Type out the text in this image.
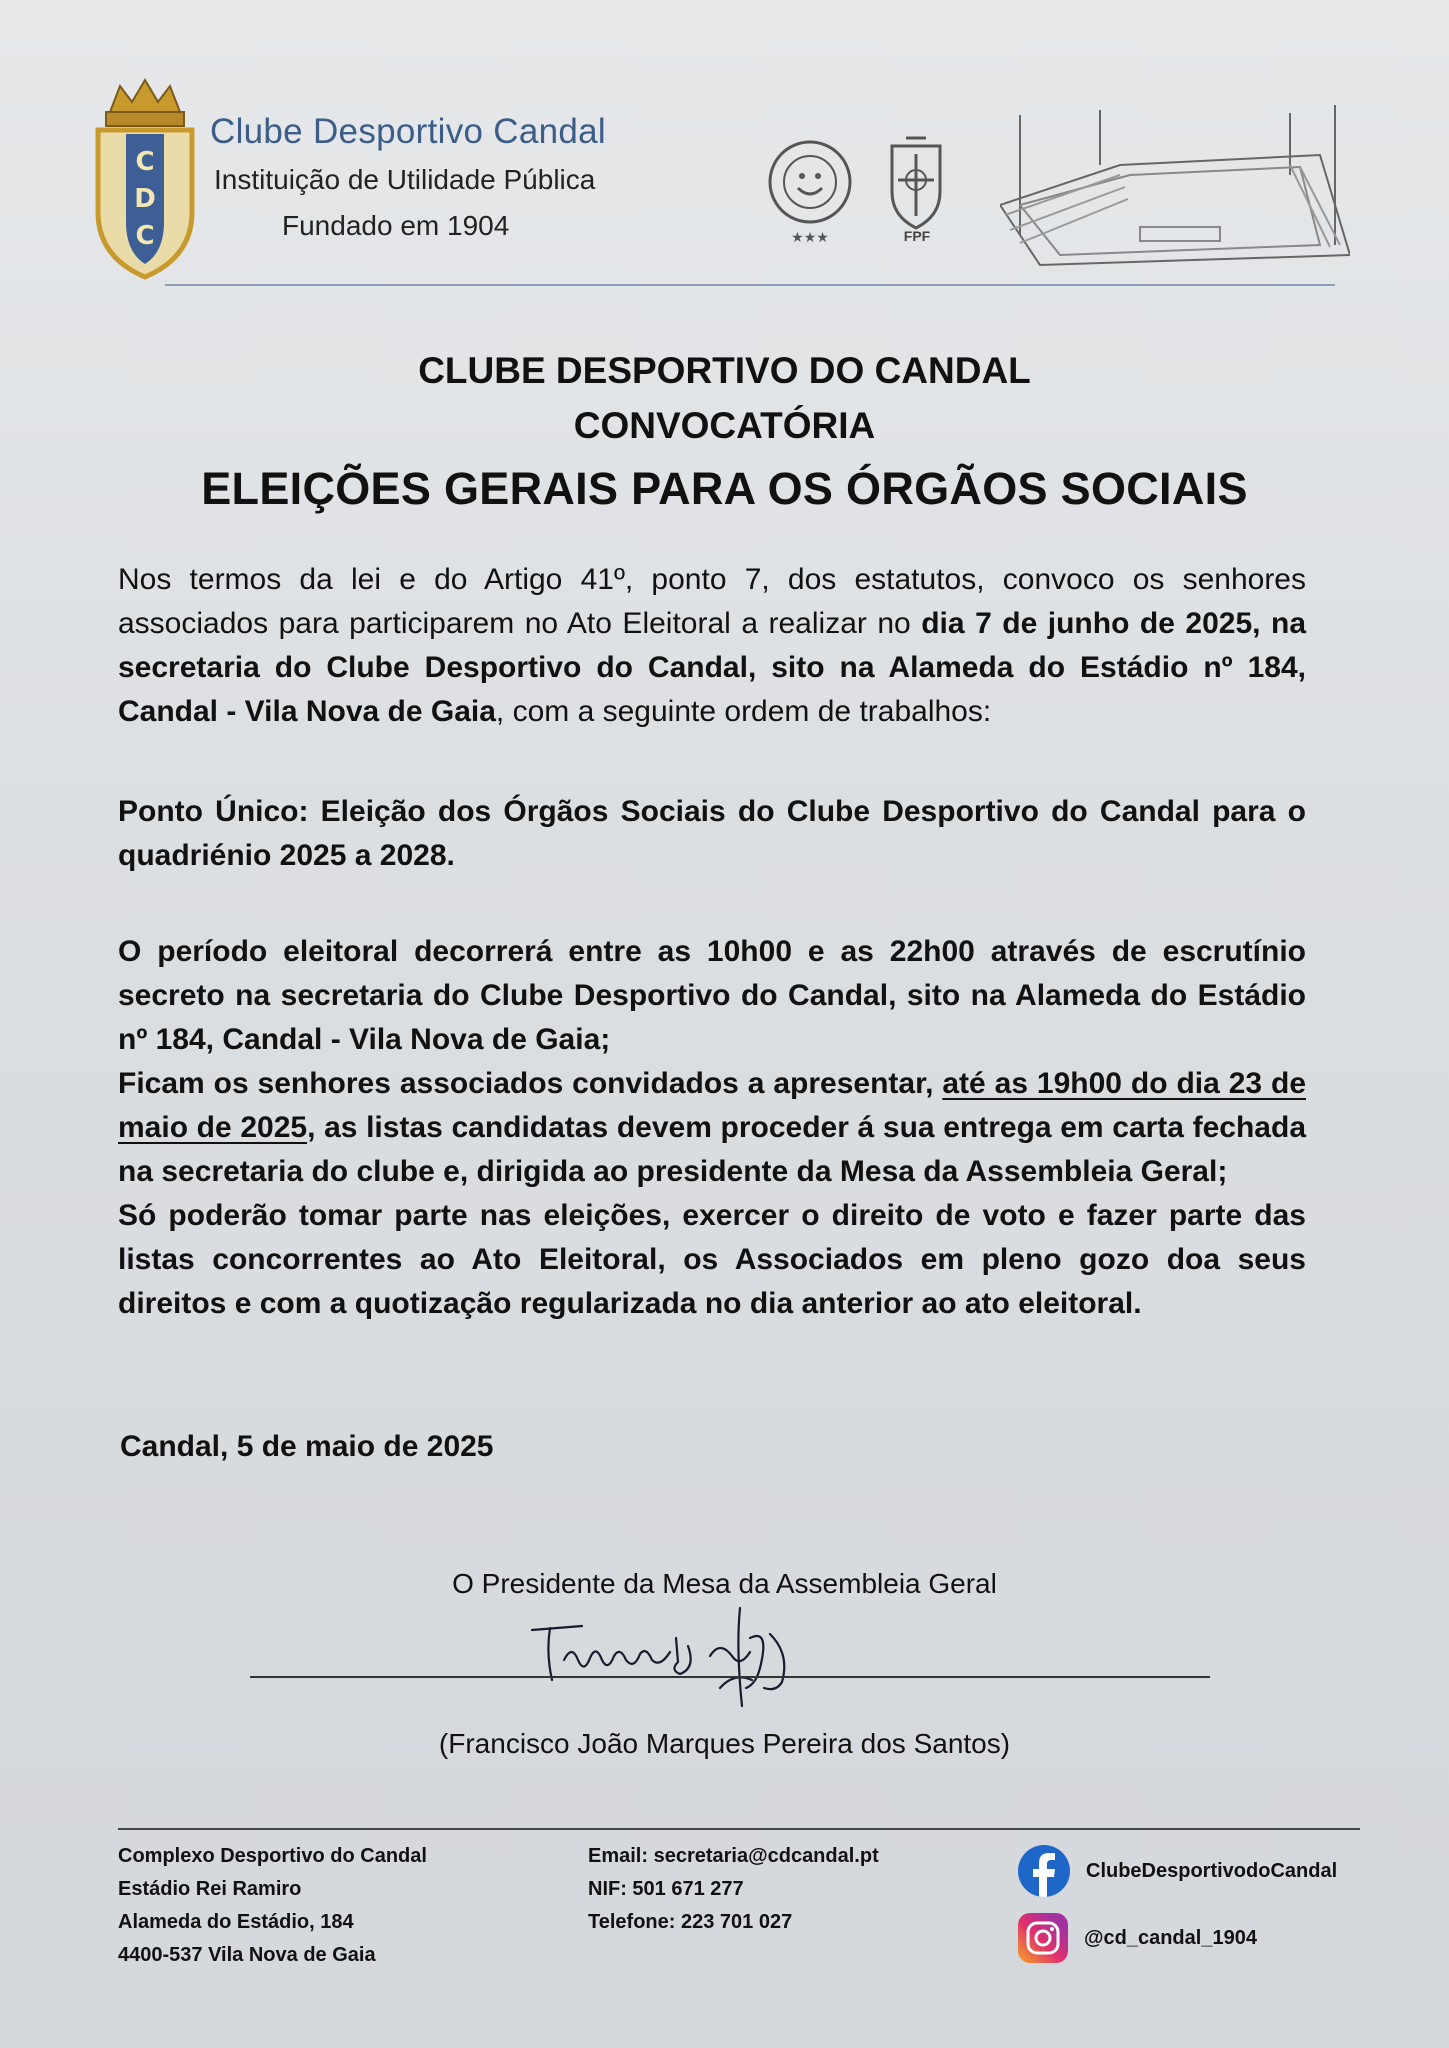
C
D
C
Clube Desportivo Candal
Instituição de Utilidade Pública
Fundado em 1904	★★★	FPF
CLUBE DESPORTIVO DO CANDAL
CONVOCATÓRIA
ELEIÇÕES GERAIS PARA OS ÓRGÃOS SOCIAIS
Nos termos da lei e do Artigo 41º, ponto 7, dos estatutos, convoco os senhores associados para participarem no Ato Eleitoral a realizar no dia 7 de junho de 2025, na secretaria do Clube Desportivo do Candal, sito na Alameda do Estádio nº 184, Candal - Vila Nova de Gaia, com a seguinte ordem de trabalhos:
Ponto Único: Eleição dos Órgãos Sociais do Clube Desportivo do Candal para o quadriénio 2025 a 2028.
O período eleitoral decorrerá entre as 10h00 e as 22h00 através de escrutínio secreto na secretaria do Clube Desportivo do Candal, sito na Alameda do Estádio nº 184, Candal - Vila Nova de Gaia;
Ficam os senhores associados convidados a apresentar, até as 19h00 do dia 23 de maio de 2025, as listas candidatas devem proceder á sua entrega em carta fechada na secretaria do clube e, dirigida ao presidente da Mesa da Assembleia Geral;
Só poderão tomar parte nas eleições, exercer o direito de voto e fazer parte das listas concorrentes ao Ato Eleitoral, os Associados em pleno gozo doa seus direitos e com a quotização regularizada no dia anterior ao ato eleitoral.
Candal, 5 de maio de 2025
O Presidente da Mesa da Assembleia Geral
(Francisco João Marques Pereira dos Santos)
Complexo Desportivo do Candal
Estádio Rei Ramiro
Alameda do Estádio, 184
4400-537 Vila Nova de Gaia
Email: secretaria@cdcandal.pt
NIF: 501 671 277
Telefone: 223 701 027
ClubeDesportivodoCandal
@cd_candal_1904
